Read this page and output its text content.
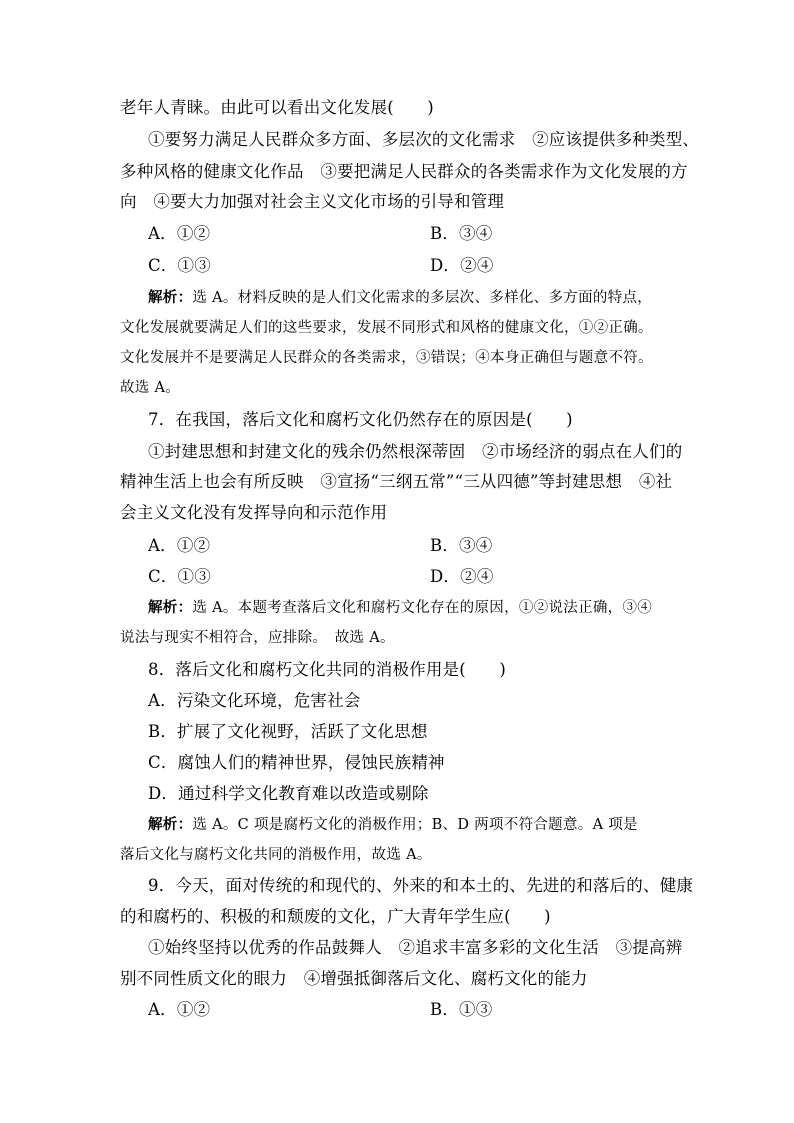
老年人青睐。由此可以看出文化发展(　　)
①要努力满足人民群众多方面、多层次的文化需求　②应该提供多种类型、
多种风格的健康文化作品　③要把满足人民群众的各类需求作为文化发展的方
向　④要大力加强对社会主义文化市场的引导和管理
A．①②	B．③④
C．①③	D．②④
解析：选 A。材料反映的是人们文化需求的多层次、多样化、多方面的特点，
文化发展就要满足人们的这些要求，发展不同形式和风格的健康文化，①②正确。
文化发展并不是要满足人民群众的各类需求，③错误；④本身正确但与题意不符。
故选 A。
7．在我国，落后文化和腐朽文化仍然存在的原因是(　　)
①封建思想和封建文化的残余仍然根深蒂固　②市场经济的弱点在人们的
精神生活上也会有所反映　③宣扬“三纲五常”“三从四德”等封建思想　④社
会主义文化没有发挥导向和示范作用
A．①②	B．③④
C．①③	D．②④
解析：选 A。本题考查落后文化和腐朽文化存在的原因，①②说法正确，③④
说法与现实不相符合，应排除。　故选 A。
8．落后文化和腐朽文化共同的消极作用是(　　)
A．污染文化环境，危害社会
B．扩展了文化视野，活跃了文化思想
C．腐蚀人们的精神世界，侵蚀民族精神
D．通过科学文化教育难以改造或剔除
解析：选 A。C 项是腐朽文化的消极作用；B、D 两项不符合题意。A 项是
落后文化与腐朽文化共同的消极作用，故选 A。
9．今天，面对传统的和现代的、外来的和本土的、先进的和落后的、健康
的和腐朽的、积极的和颓废的文化，广大青年学生应(　　)
①始终坚持以优秀的作品鼓舞人　②追求丰富多彩的文化生活　③提高辨
别不同性质文化的眼力　④增强抵御落后文化、腐朽文化的能力
A．①②	B．①③
